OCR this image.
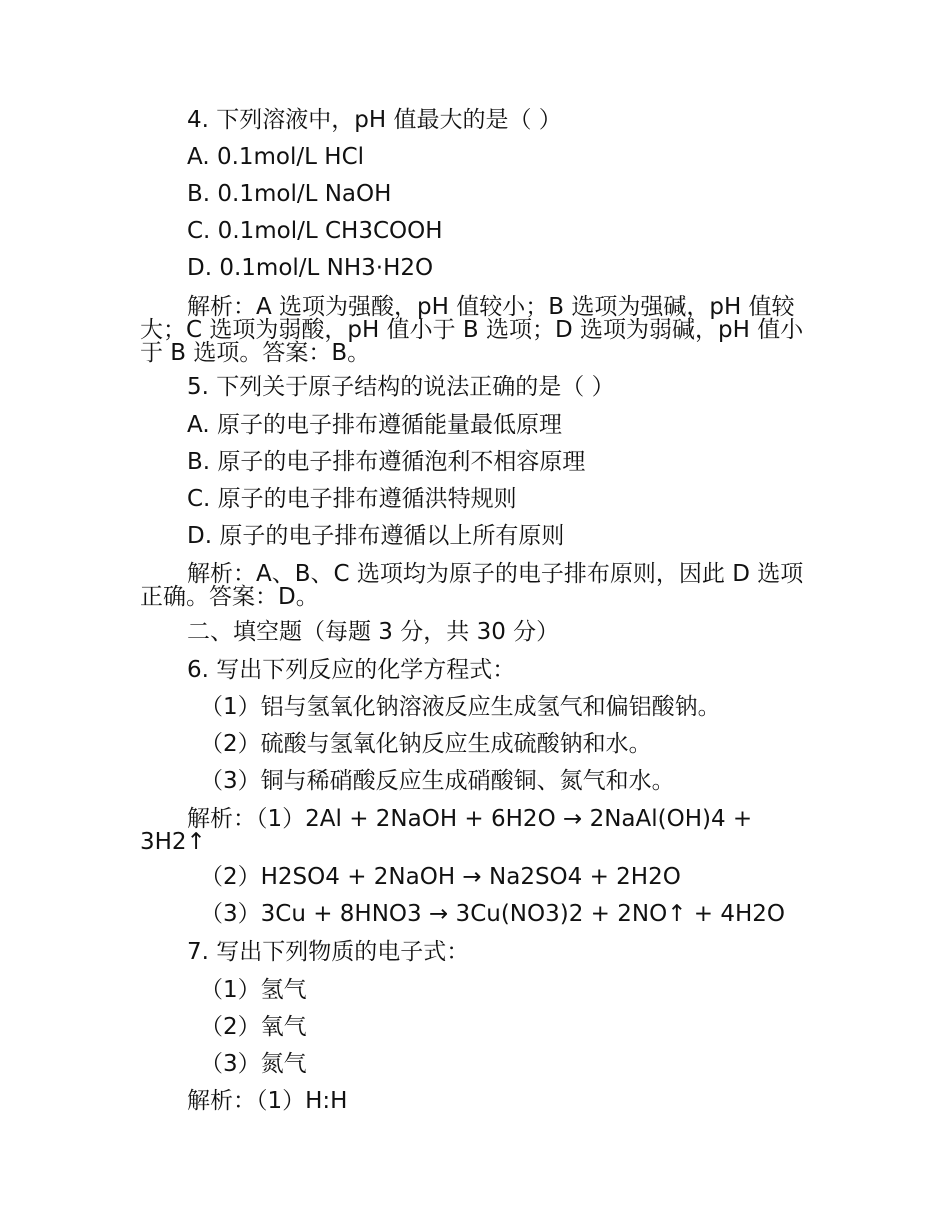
4. 下列溶液中，pH 值最大的是（ ）
A. 0.1mol/L HCl
B. 0.1mol/L NaOH
C. 0.1mol/L CH3COOH
D. 0.1mol/L NH3·H2O
解析：A 选项为强酸，pH 值较小；B 选项为强碱，pH 值较大；C 选项为弱酸，pH 值小于 B 选项；D 选项为弱碱，pH 值小于 B 选项。答案：B。
5. 下列关于原子结构的说法正确的是（ ）
A. 原子的电子排布遵循能量最低原理
B. 原子的电子排布遵循泡利不相容原理
C. 原子的电子排布遵循洪特规则
D. 原子的电子排布遵循以上所有原则
解析：A、B、C 选项均为原子的电子排布原则，因此 D 选项正确。答案：D。
二、填空题（每题 3 分，共 30 分）
6. 写出下列反应的化学方程式：
（1）铝与氢氧化钠溶液反应生成氢气和偏铝酸钠。
（2）硫酸与氢氧化钠反应生成硫酸钠和水。
（3）铜与稀硝酸反应生成硝酸铜、氮气和水。
解析：（1）2Al + 2NaOH + 6H2O → 2NaAl(OH)4 + 3H2↑
（2）H2SO4 + 2NaOH → Na2SO4 + 2H2O
（3）3Cu + 8HNO3 → 3Cu(NO3)2 + 2NO↑ + 4H2O
7. 写出下列物质的电子式：
（1）氢气
（2）氧气
（3）氮气
解析：（1）H:H
